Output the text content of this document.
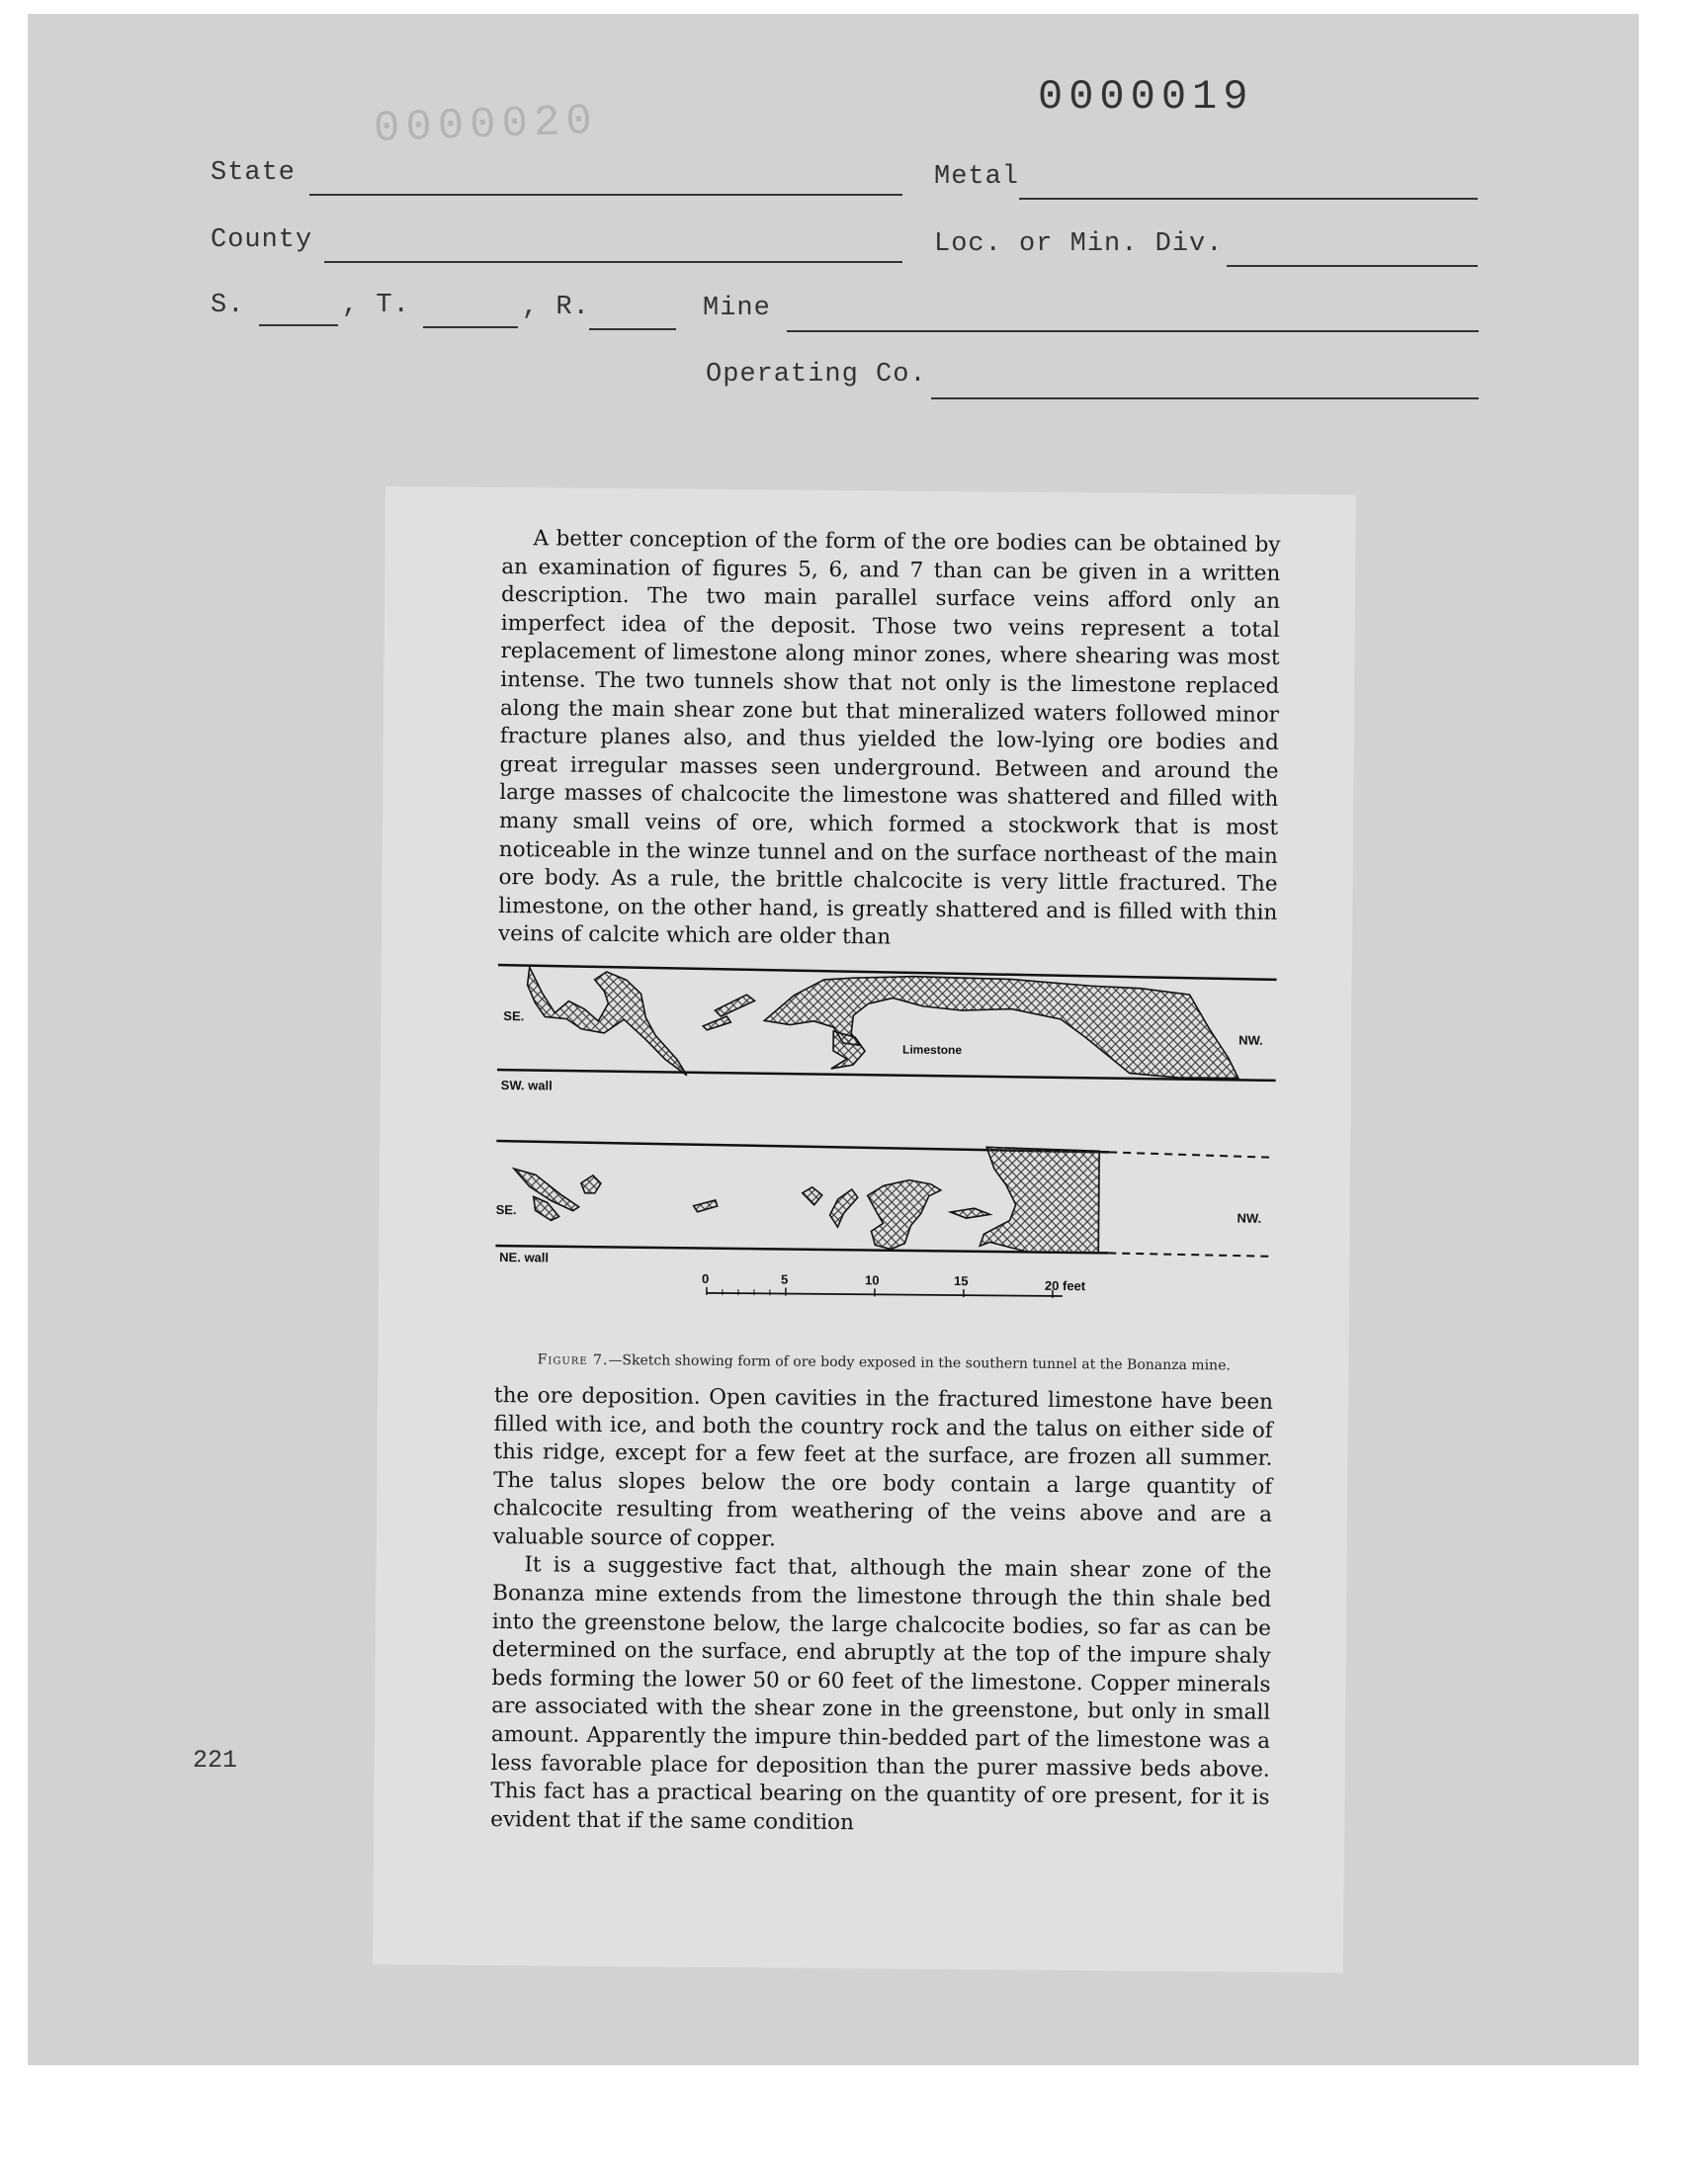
0000019
0000020
State	Metal
County	Loc. or Min. Div.
S.	, T.	, R.	Mine
Operating Co.
221

A better conception of the form of the ore bodies can be obtained by an examination of figures 5, 6, and 7 than can be given in a written description. The two main parallel surface veins afford only an imperfect idea of the deposit. Those two veins represent a total replacement of limestone along minor zones, where shearing was most intense. The two tunnels show that not only is the limestone replaced along the main shear zone but that mineralized waters followed minor fracture planes also, and thus yielded the low-lying ore bodies and great irregular masses seen underground. Between and around the large masses of chalcocite the limestone was shattered and filled with many small veins of ore, which formed a stockwork that is most noticeable in the winze tunnel and on the surface northeast of the main ore body. As a rule, the brittle chalcocite is very little fractured. The limestone, on the other hand, is greatly shattered and is filled with thin veins of calcite which are older than

SE.
NW.
Limestone
SW. wall
SE.
NW.
NE. wall
0	5	10	15	20 feet
Figure 7.—Sketch showing form of ore body exposed in the southern tunnel at the Bonanza mine.

the ore deposition. Open cavities in the fractured limestone have been filled with ice, and both the country rock and the talus on either side of this ridge, except for a few feet at the surface, are frozen all summer. The talus slopes below the ore body contain a large quantity of chalcocite resulting from weathering of the veins above and are a valuable source of copper.

It is a suggestive fact that, although the main shear zone of the Bonanza mine extends from the limestone through the thin shale bed into the greenstone below, the large chalcocite bodies, so far as can be determined on the surface, end abruptly at the top of the impure shaly beds forming the lower 50 or 60 feet of the limestone. Copper minerals are associated with the shear zone in the greenstone, but only in small amount. Apparently the impure thin-bedded part of the limestone was a less favorable place for deposition than the purer massive beds above. This fact has a practical bearing on the quantity of ore present, for it is evident that if the same condition
